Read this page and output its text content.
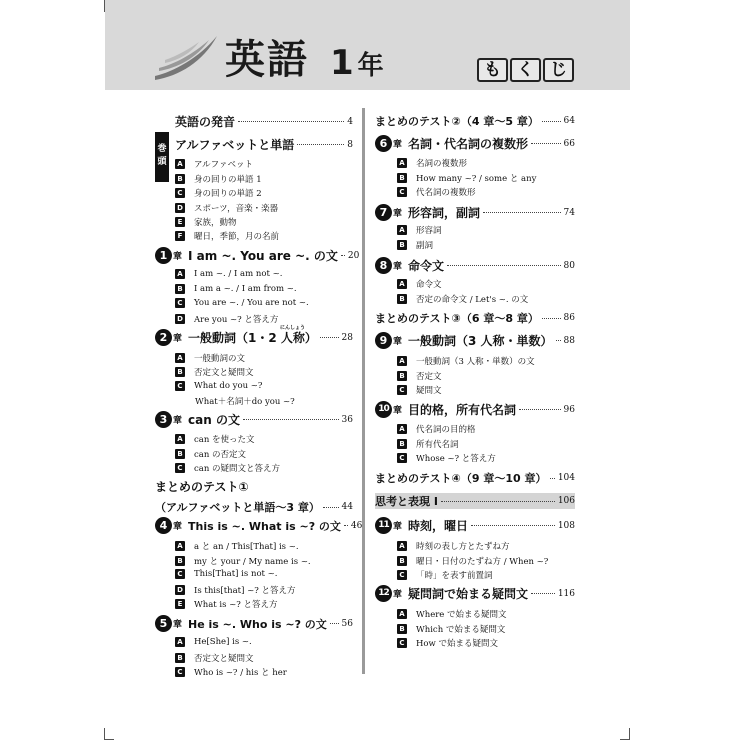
英語 1 年	も く じ
巻頭
英語の発音	4
アルファベットと単語	8
A アルファベット
B 身の回りの単語 1
C 身の回りの単語 2
D スポーツ，音楽・楽器
E	家族，動物
F	曜日，季節，月の名前
1 章 I am ~. You are ~. の文 20
A I am ~. / I am not ~.
B I am a ~. / I am from ~.
C You are ~. / You are not ~.
D Are you ~? と答え方
2 章
にんしょう
一般動詞（1・2 人称）	28
A 一般動詞の文
B 否定文と疑問文
C What do you ~?
What＋名詞＋do you ~?
3 章 can の文	36
A can を使った文
B can の否定文
C can の疑問文と答え方
まとめのテスト①
（アルファベットと単語～3 章） 44
4 章 This is ~. What is ~? の文 46
A a と an / This[That] is ~.
B my と your / My name is ~.
C This[That] is not ~.
D Is this[that] ~? と答え方
E	What is ~? と答え方
5 章 He is ~. Who is ~? の文 56
A He[She] is ~.
B 否定文と疑問文
C Who is ~? / his と her
まとめのテスト②（4 章～5 章）	64
6 章 名詞・代名詞の複数形	66
A 名詞の複数形
B How many ~? / some と any
C 代名詞の複数形
7 章 形容詞，副詞	74
A 形容詞
B 副詞
8 章 命令文	80
A 命令文
B 否定の命令文 / Let's ~. の文
まとめのテスト③（6 章～8 章）	86
9 章 一般動詞（3 人称・単数） 88
A 一般動詞（3 人称・単数）の文
B 否定文
C 疑問文
10 章 目的格，所有代名詞	96
A 代名詞の目的格
B 所有代名詞
C Whose ~? と答え方
まとめのテスト④（9 章～10 章） 104
思考と表現 I	106
11 章 時刻，曜日	108
A 時刻の表し方とたずね方
B 曜日・日付のたずね方 / When ~?
C 「時」を表す前置詞
12 章 疑問詞で始まる疑問文	116
A Where で始まる疑問文
B Which で始まる疑問文
C How で始まる疑問文
